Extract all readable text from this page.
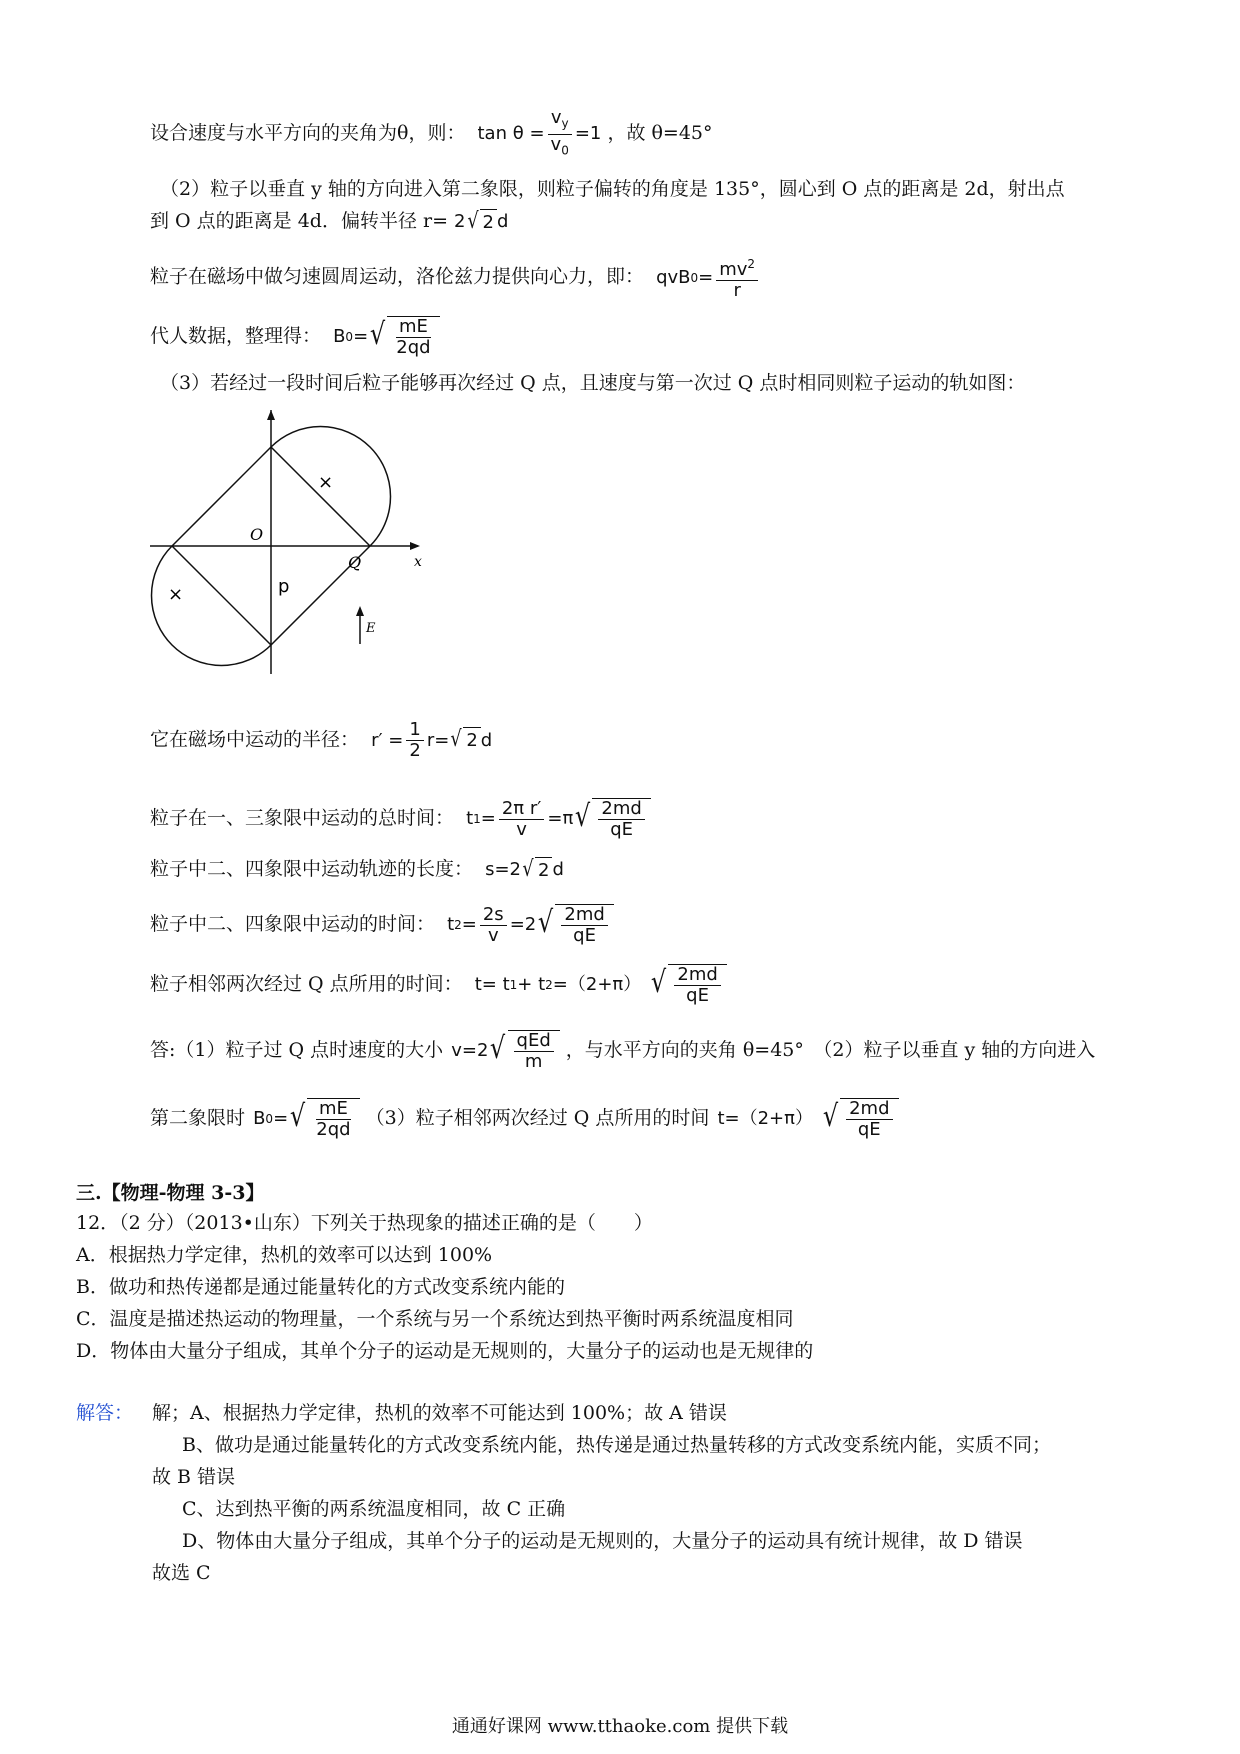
设合速度与水平方向的夹角为θ，则： $\tan \theta = \frac{v_y}{v_0} =1$ ，故 θ=45°
（2）粒子以垂直 y 轴的方向进入第二象限，则粒子偏转的角度是 135°，圆心到 O 点的距离是 2d，射出点
到 O 点的距离是 4d．偏转半径 r= 2 √ 2 d
粒子在磁场中做匀速圆周运动，洛伦兹力提供向心力，即： qvB $0 = \frac{mv^2}{r}$
代人数据，整理得： B 0 = √ $\frac{mE}{2qd}$
（3）若经过一段时间后粒子能够再次经过 Q 点，且速度与第一次过 Q 点时相同则粒子运动的轨如图：
×
×
O
Q	x
p
E
它在磁场中运动的半径： $r' = \frac{1}{2} r=$ √ 2 d
粒子在一、三象限中运动的总时间： t $1 = \frac{\text{2π r′}}{v} =\pi$ √ $\frac{2md}{qE}$
粒子中二、四象限中运动轨迹的长度： s=2 √ 2 d
粒子中二、四象限中运动的时间： t $2 = \frac{2s}{v} =2$ √ $\frac{2md}{qE}$
粒子相邻两次经过 Q 点所用的时间： t= t 1 + t 2 =（2+π） √ $\frac{2md}{qE}$
答:（1）粒子过 Q 点时速度的大小 v=2 √ $\frac{\text{qEd}}{m}$ ，与水平方向的夹角 θ=45°　（2）粒子以垂直 y 轴的方向进入
第二象限时 B 0 = √ $\frac{mE}{2qd} (3)$粒子相邻两次经过 Q 点所用的时间 t=（2+π） √ $\frac{2md}{qE}$
三.【物理-物理 3-3】
12．（2 分）（2013•山东）下列关于热现象的描述正确的是（　　）
A．根据热力学定律，热机的效率可以达到 100%
B．做功和热传递都是通过能量转化的方式改变系统内能的
C．温度是描述热运动的物理量，一个系统与另一个系统达到热平衡时两系统温度相同
D．物体由大量分子组成，其单个分子的运动是无规则的，大量分子的运动也是无规律的
解答： 解；A、根据热力学定律，热机的效率不可能达到 100%；故 A 错误
B、做功是通过能量转化的方式改变系统内能，热传递是通过热量转移的方式改变系统内能，实质不同；
故 B 错误
C、达到热平衡的两系统温度相同，故 C 正确
D、物体由大量分子组成，其单个分子的运动是无规则的，大量分子的运动具有统计规律，故 D 错误
故选 C
通通好课网 www.tthaoke.com 提供下载
